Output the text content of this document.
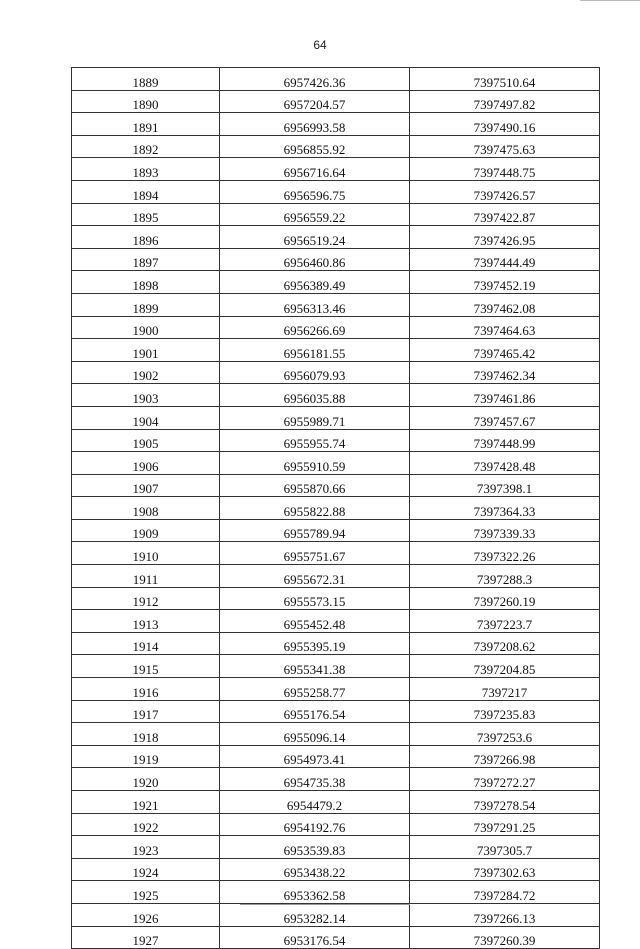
64
1889	6957426.36	7397510.64
1890	6957204.57	7397497.82
1891	6956993.58	7397490.16
1892	6956855.92	7397475.63
1893	6956716.64	7397448.75
1894	6956596.75	7397426.57
1895	6956559.22	7397422.87
1896	6956519.24	7397426.95
1897	6956460.86	7397444.49
1898	6956389.49	7397452.19
1899	6956313.46	7397462.08
1900	6956266.69	7397464.63
1901	6956181.55	7397465.42
1902	6956079.93	7397462.34
1903	6956035.88	7397461.86
1904	6955989.71	7397457.67
1905	6955955.74	7397448.99
1906	6955910.59	7397428.48
1907	6955870.66	7397398.1
1908	6955822.88	7397364.33
1909	6955789.94	7397339.33
1910	6955751.67	7397322.26
1911	6955672.31	7397288.3
1912	6955573.15	7397260.19
1913	6955452.48	7397223.7
1914	6955395.19	7397208.62
1915	6955341.38	7397204.85
1916	6955258.77	7397217
1917	6955176.54	7397235.83
1918	6955096.14	7397253.6
1919	6954973.41	7397266.98
1920	6954735.38	7397272.27
1921	6954479.2	7397278.54
1922	6954192.76	7397291.25
1923	6953539.83	7397305.7
1924	6953438.22	7397302.63
1925	6953362.58	7397284.72
1926	6953282.14	7397266.13
1927	6953176.54	7397260.39
